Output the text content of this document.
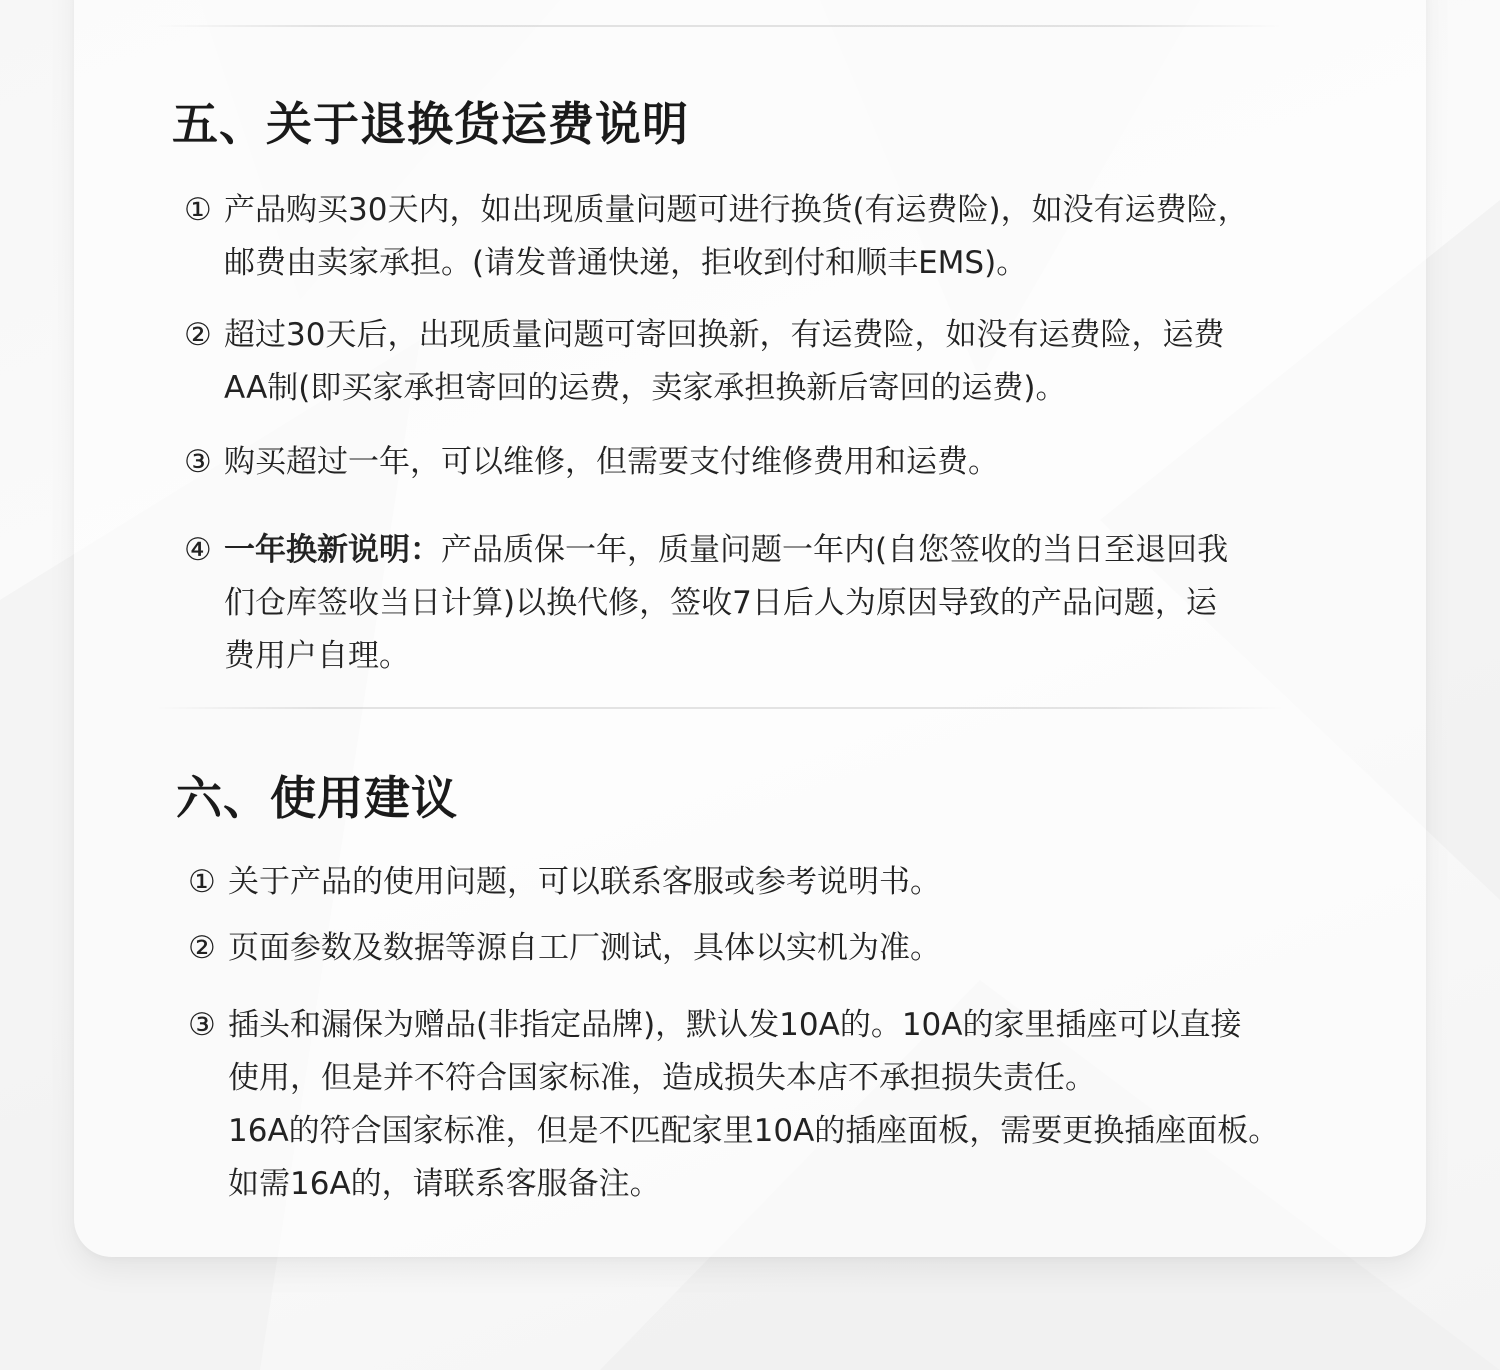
五、关于退换货运费说明
① 产品购买30天内，如出现质量问题可进行换货(有运费险)，如没有运费险，
邮费由卖家承担。(请发普通快递，拒收到付和顺丰EMS)。
② 超过30天后，出现质量问题可寄回换新，有运费险，如没有运费险，运费
AA制(即买家承担寄回的运费，卖家承担换新后寄回的运费)。
③ 购买超过一年，可以维修，但需要支付维修费用和运费。
④ 一年换新说明：产品质保一年，质量问题一年内(自您签收的当日至退回我
们仓库签收当日计算)以换代修，签收7日后人为原因导致的产品问题，运
费用户自理。
六、使用建议
① 关于产品的使用问题，可以联系客服或参考说明书。
② 页面参数及数据等源自工厂测试，具体以实机为准。
③ 插头和漏保为赠品(非指定品牌)，默认发10A的。10A的家里插座可以直接
使用，但是并不符合国家标准，造成损失本店不承担损失责任。
16A的符合国家标准，但是不匹配家里10A的插座面板，需要更换插座面板。
如需16A的，请联系客服备注。
